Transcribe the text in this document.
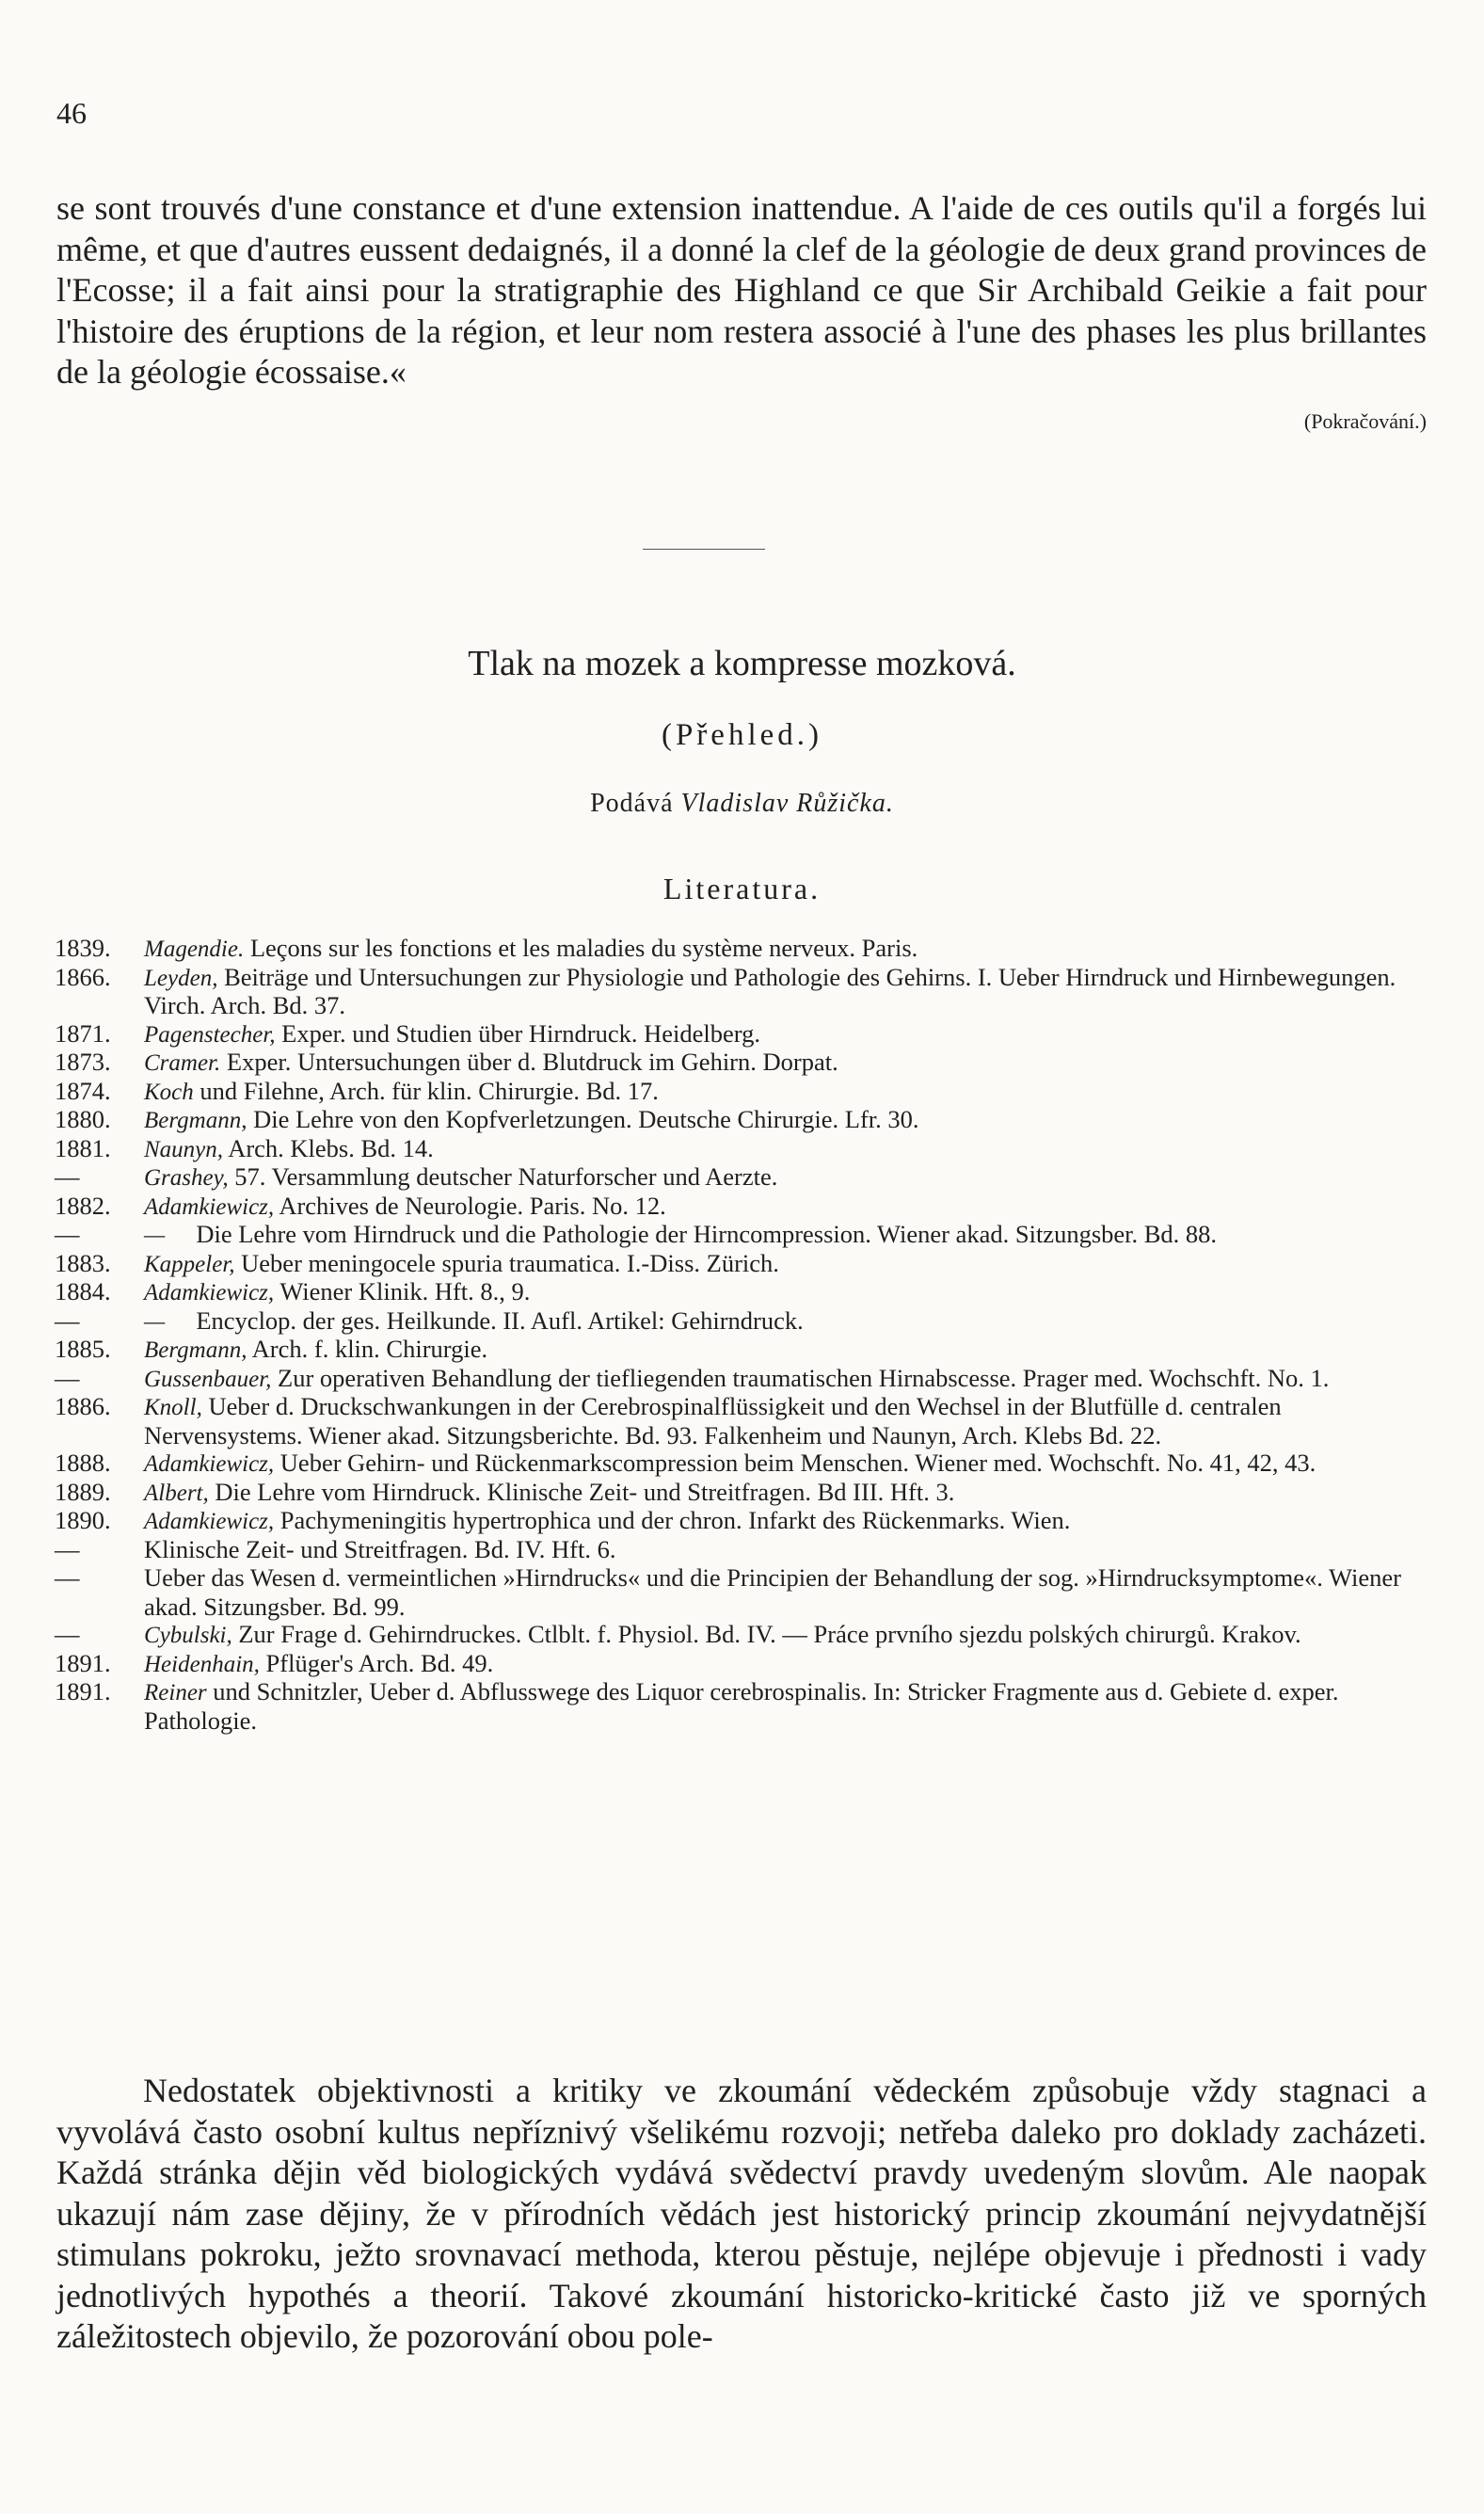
46

se sont trouvés d'une constance et d'une extension inattendue. A l'aide de ces outils qu'il a forgés lui même, et que d'autres eussent dedaignés, il a donné la clef de la géologie de deux grand provinces de l'Ecosse; il a fait ainsi pour la stratigraphie des Highland ce que Sir Archibald Geikie a fait pour l'histoire des éruptions de la région, et leur nom restera associé à l'une des phases les plus brillantes de la géologie écossaise.«

(Pokračování.)
Tlak na mozek a kompresse mozková.
(Přehled.)
Podává Vladislav Růžička.
Literatura.
1839.	Magendie. Leçons sur les fonctions et les maladies du système nerveux. Paris.
1866.	Leyden, Beiträge und Untersuchungen zur Physiologie und Pathologie des Gehirns. I. Ueber Hirndruck und Hirnbewegungen. Virch. Arch. Bd. 37.
1871.	Pagenstecher, Exper. und Studien über Hirndruck. Heidelberg.
1873.	Cramer. Exper. Untersuchungen über d. Blutdruck im Gehirn. Dorpat.
1874.	Koch und Filehne, Arch. für klin. Chirurgie. Bd. 17.
1880.	Bergmann, Die Lehre von den Kopfverletzungen. Deutsche Chirurgie. Lfr. 30.
1881.	Naunyn, Arch. Klebs. Bd. 14.
—	Grashey, 57. Versammlung deutscher Naturforscher und Aerzte.
1882.	Adamkiewicz, Archives de Neurologie. Paris. No. 12.
—	—     Die Lehre vom Hirndruck und die Pathologie der Hirncompression. Wiener akad. Sitzungsber. Bd. 88.
1883.	Kappeler, Ueber meningocele spuria traumatica. I.-Diss. Zürich.
1884.	Adamkiewicz, Wiener Klinik. Hft. 8., 9.
—	—     Encyclop. der ges. Heilkunde. II. Aufl. Artikel: Gehirndruck.
1885.	Bergmann, Arch. f. klin. Chirurgie.
—	Gussenbauer, Zur operativen Behandlung der tiefliegenden traumatischen Hirnabscesse. Prager med. Wochschft. No. 1.
1886.	Knoll, Ueber d. Druckschwankungen in der Cerebrospinalflüssigkeit und den Wechsel in der Blutfülle d. centralen Nervensystems. Wiener akad. Sitzungsberichte. Bd. 93. Falkenheim und Naunyn, Arch. Klebs Bd. 22.
1888.	Adamkiewicz, Ueber Gehirn- und Rückenmarkscompression beim Menschen. Wiener med. Wochschft. No. 41, 42, 43.
1889.	Albert, Die Lehre vom Hirndruck. Klinische Zeit- und Streitfragen. Bd III. Hft. 3.
1890.	Adamkiewicz, Pachymeningitis hypertrophica und der chron. Infarkt des Rückenmarks. Wien.
—	Klinische Zeit- und Streitfragen. Bd. IV. Hft. 6.
—	Ueber das Wesen d. vermeintlichen »Hirndrucks« und die Principien der Behandlung der sog. »Hirndrucksymptome«. Wiener akad. Sitzungsber. Bd. 99.
—	Cybulski, Zur Frage d. Gehirndruckes. Ctlblt. f. Physiol. Bd. IV. — Práce prvního sjezdu polských chirurgů. Krakov.
1891.	Heidenhain, Pflüger's Arch. Bd. 49.
1891.	Reiner und Schnitzler, Ueber d. Abflusswege des Liquor cerebrospinalis. In: Stricker Fragmente aus d. Gebiete d. exper. Pathologie.

Nedostatek objektivnosti a kritiky ve zkoumání vědeckém způsobuje vždy stagnaci a vyvolává často osobní kultus nepříznivý všelikému rozvoji; netřeba daleko pro doklady zacházeti. Každá stránka dějin věd biologických vydává svědectví pravdy uvedeným slovům. Ale naopak ukazují nám zase dějiny, že v přírodních vědách jest historický princip zkoumání nejvydatnější stimulans pokroku, ježto srovnavací methoda, kterou pěstuje, nejlépe objevuje i přednosti i vady jednotlivých hypothés a theorií. Takové zkoumání historicko-kritické často již ve sporných záležitostech objevilo, že pozorování obou pole-
